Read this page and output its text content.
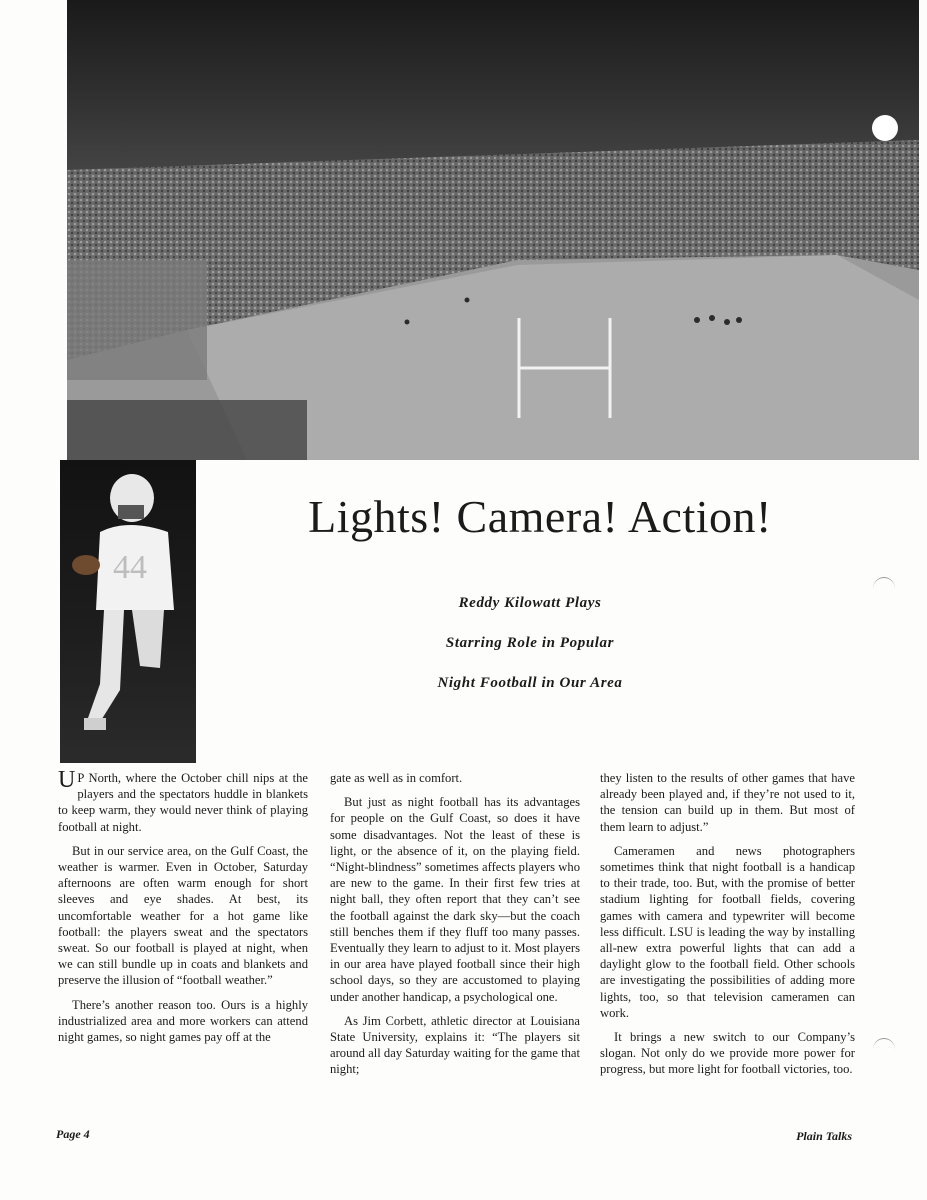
44
Lights! Camera! Action!
Reddy Kilowatt Plays
Starring Role in Popular
Night Football in Our Area

U P North, where the October chill nips at the players and the spectators huddle in blankets to keep warm, they would never think of playing football at night.

But in our service area, on the Gulf Coast, the weather is warmer. Even in October, Saturday afternoons are often warm enough for short sleeves and eye shades. At best, its uncomfortable weather for a hot game like football: the players sweat and the spectators sweat. So our football is played at night, when we can still bundle up in coats and blankets and preserve the illusion of “football weather.”

There’s another reason too. Ours is a highly industrialized area and more workers can attend night games, so night games pay off at the

gate as well as in comfort.

But just as night football has its advantages for people on the Gulf Coast, so does it have some disadvantages. Not the least of these is light, or the absence of it, on the playing field. “Night-blindness” sometimes affects players who are new to the game. In their first few tries at night ball, they often report that they can’t see the football against the dark sky—but the coach still benches them if they fluff too many passes. Eventually they learn to adjust to it. Most players in our area have played football since their high school days, so they are accustomed to playing under another handicap, a psychological one.

As Jim Corbett, athletic director at Louisiana State University, explains it: “The players sit around all day Saturday waiting for the game that night;

they listen to the results of other games that have already been played and, if they’re not used to it, the tension can build up in them. But most of them learn to adjust.”

Cameramen and news photographers sometimes think that night football is a handicap to their trade, too. But, with the promise of better stadium lighting for football fields, covering games with camera and typewriter will become less difficult. LSU is leading the way by installing all-new extra powerful lights that can add a daylight glow to the football field. Other schools are investigating the possibilities of adding more lights, too, so that television cameramen can work.

It brings a new switch to our Company’s slogan. Not only do we provide more power for progress, but more light for football victories, too.

Page 4	Plain Talks
